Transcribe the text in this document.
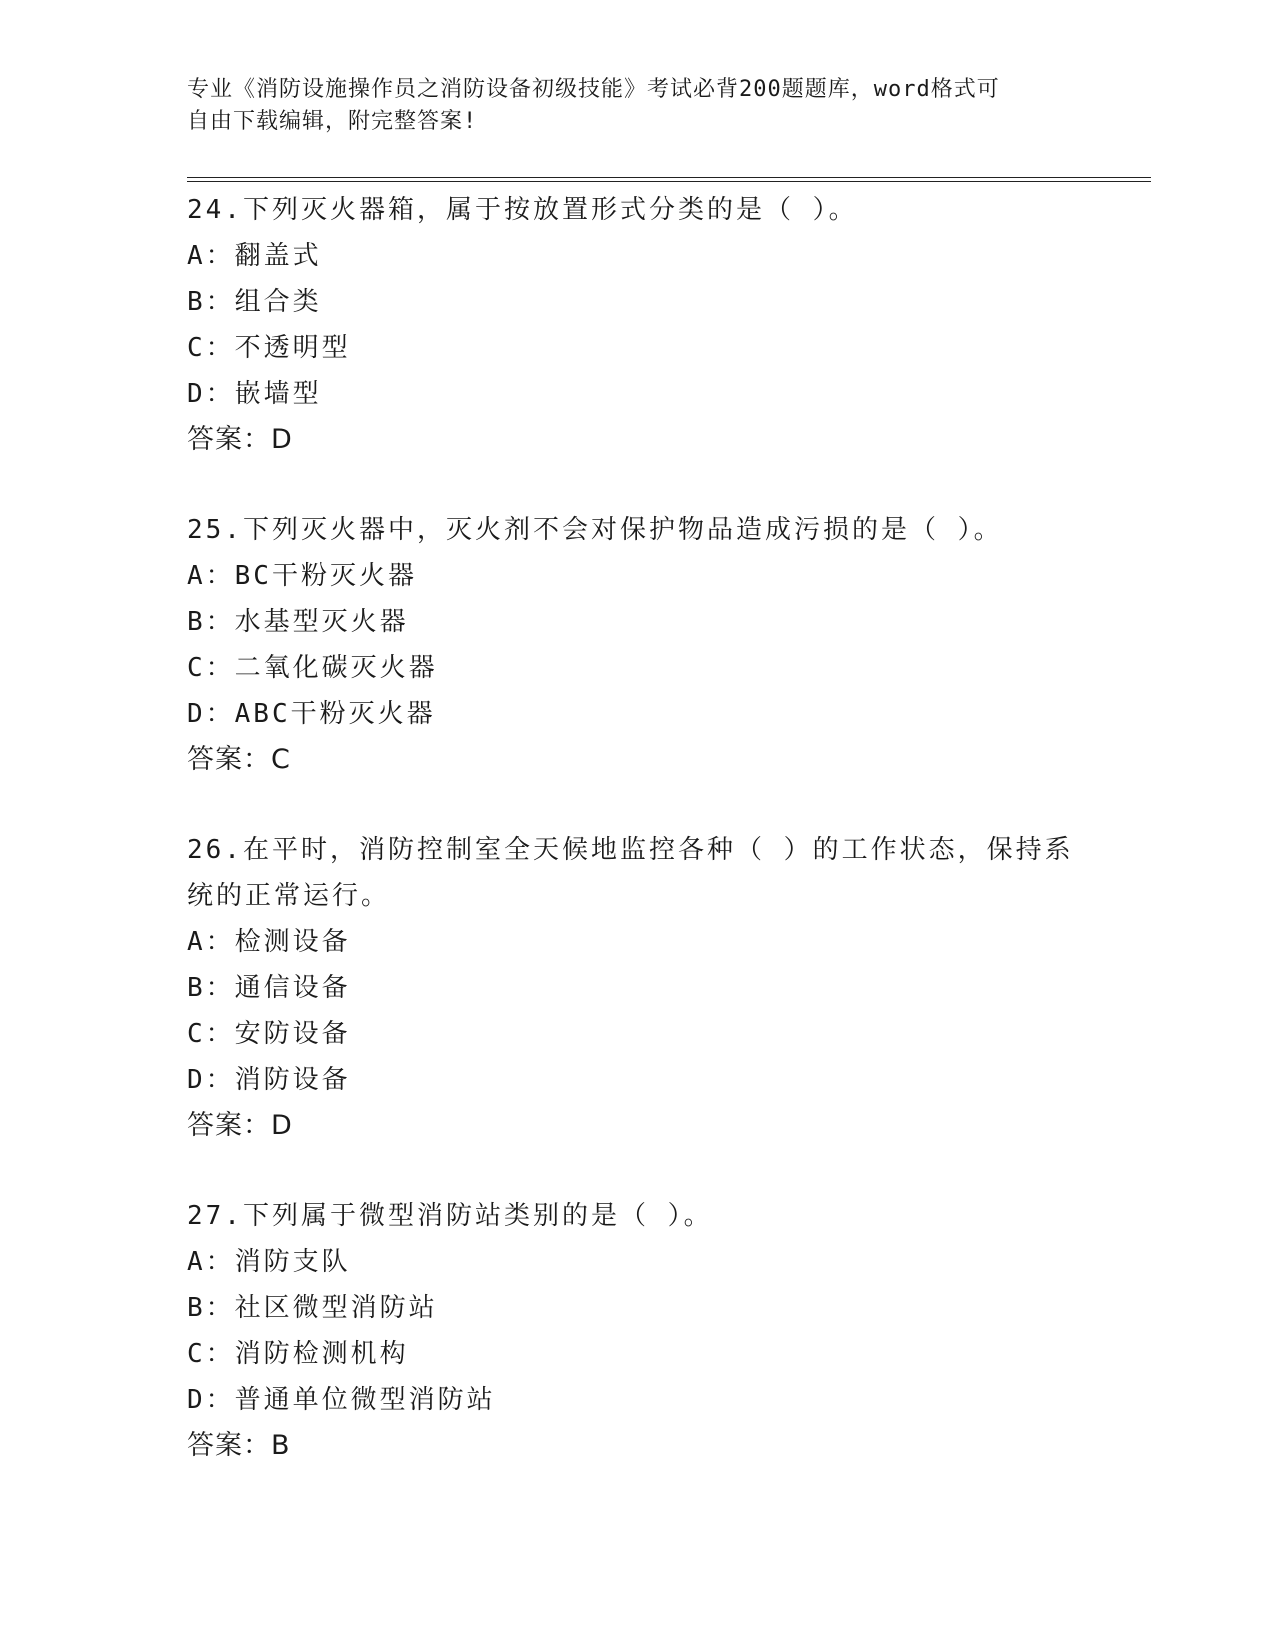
专业《消防设施操作员之消防设备初级技能》考试必背200题题库，word格式可
自由下载编辑，附完整答案!
24.下列灭火器箱，属于按放置形式分类的是（ ）。
A：翻盖式
B：组合类
C：不透明型
D：嵌墙型
答案：D
25.下列灭火器中，灭火剂不会对保护物品造成污损的是（ ）。
A：BC干粉灭火器
B：水基型灭火器
C：二氧化碳灭火器
D：ABC干粉灭火器
答案：C
26.在平时，消防控制室全天候地监控各种（ ）的工作状态，保持系
统的正常运行。
A：检测设备
B：通信设备
C：安防设备
D：消防设备
答案：D
27.下列属于微型消防站类别的是（ ）。
A：消防支队
B：社区微型消防站
C：消防检测机构
D：普通单位微型消防站
答案：B
